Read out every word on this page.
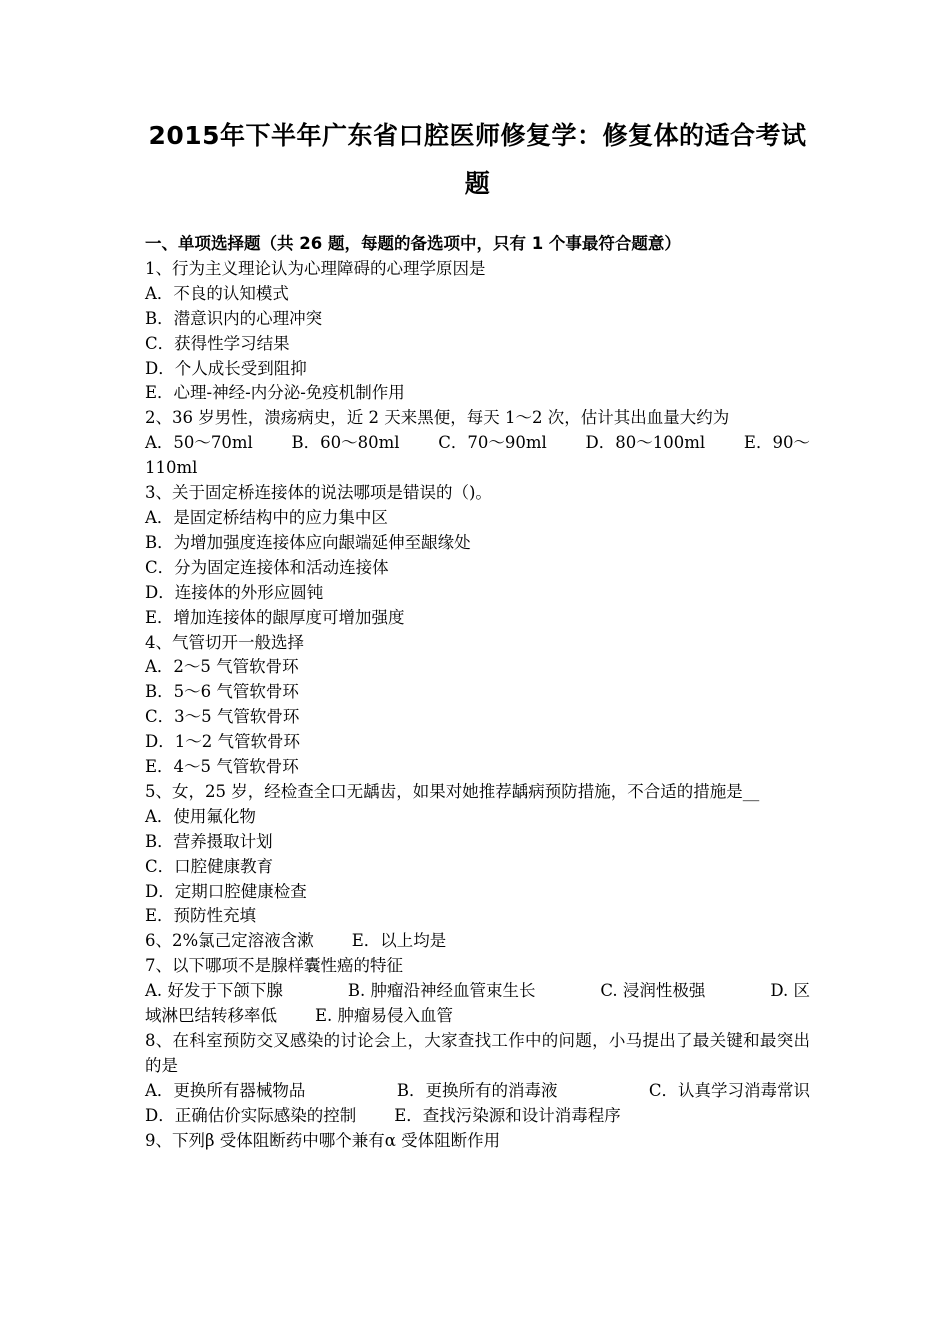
2015年下半年广东省口腔医师修复学：修复体的适合考试
题
一、单项选择题（共 26 题，每题的备选项中，只有 1 个事最符合题意）
1、行为主义理论认为心理障碍的心理学原因是
A．不良的认知模式
B．潜意识内的心理冲突
C．获得性学习结果
D．个人成长受到阻抑
E．心理-神经-内分泌-免疫机制作用
2、36 岁男性，溃疡病史，近 2 天来黑便，每天 1～2 次，估计其出血量大约为
A．50～70ml B．60～80ml C．70～90ml D．80～100ml E．90～
110ml
3、关于固定桥连接体的说法哪项是错误的（)。
A．是固定桥结构中的应力集中区
B．为增加强度连接体应向龈端延伸至龈缘处
C．分为固定连接体和活动连接体
D．连接体的外形应圆钝
E．增加连接体的龈厚度可增加强度
4、气管切开一般选择
A．2～5 气管软骨环
B．5～6 气管软骨环
C．3～5 气管软骨环
D．1～2 气管软骨环
E．4～5 气管软骨环
5、女，25 岁，经检查全口无龋齿，如果对她推荐龋病预防措施，不合适的措施是__
A．使用氟化物
B．营养摄取计划
C．口腔健康教育
D．定期口腔健康检查
E．预防性充填
6、2%氯己定溶液含漱 E．以上均是
7、以下哪项不是腺样囊性癌的特征
A. 好发于下颌下腺	B. 肿瘤沿神经血管束生长	C. 浸润性极强	D. 区
域淋巴结转移率低 E. 肿瘤易侵入血管
8、在科室预防交叉感染的讨论会上，大家查找工作中的问题，小马提出了最关键和最突出的是
A．更换所有器械物品	B．更换所有的消毒液	C．认真学习消毒常识
D．正确估价实际感染的控制 E．查找污染源和设计消毒程序
9、下列β 受体阻断药中哪个兼有α 受体阻断作用
